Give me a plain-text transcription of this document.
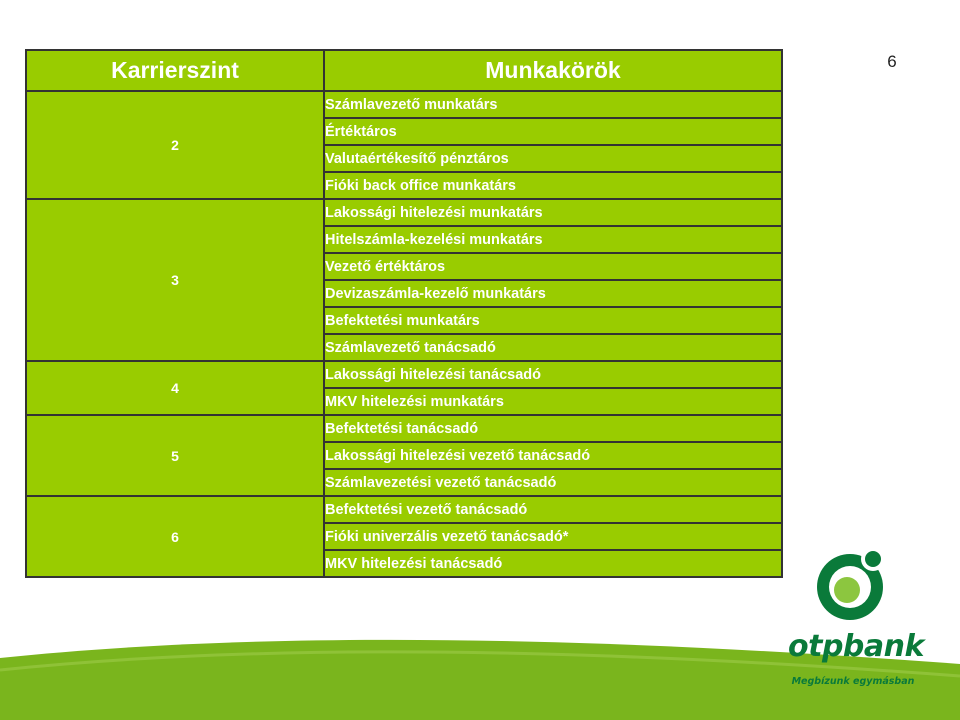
6
Karrierszint	Munkakörök
2	Számlavezető munkatárs
	Értéktáros
	Valutaértékesítő pénztáros
	Fióki back office munkatárs
3	Lakossági hitelezési munkatárs
	Hitelszámla-kezelési munkatárs
	Vezető értéktáros
	Devizaszámla-kezelő munkatárs
	Befektetési munkatárs
	Számlavezető tanácsadó
4	Lakossági hitelezési tanácsadó
	MKV hitelezési munkatárs
5	Befektetési tanácsadó
	Lakossági hitelezési vezető tanácsadó
	Számlavezetési vezető tanácsadó
6	Befektetési vezető tanácsadó
	Fióki univerzális vezető tanácsadó*
	MKV hitelezési tanácsadó
otpbank
Megbízunk egymásban
